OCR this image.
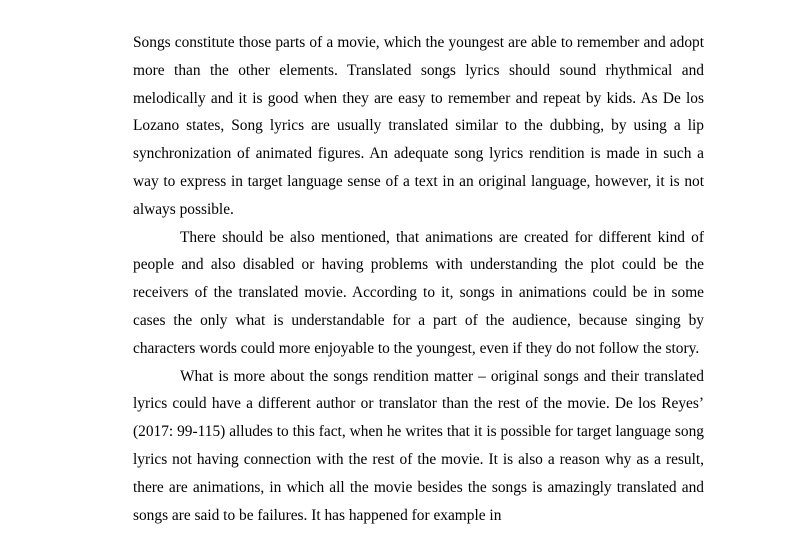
Songs constitute those parts of a movie, which the youngest are able to remember and adopt more than the other elements. Translated songs lyrics should sound rhythmical and melodically and it is good when they are easy to remember and repeat by kids. As De los Lozano states, Song lyrics are usually translated similar to the dubbing, by using a lip synchronization of animated figures. An adequate song lyrics rendition is made in such a way to express in target language sense of a text in an original language, however, it is not always possible.

There should be also mentioned, that animations are created for different kind of people and also disabled or having problems with understanding the plot could be the receivers of the translated movie. According to it, songs in animations could be in some cases the only what is understandable for a part of the audience, because singing by characters words could more enjoyable to the youngest, even if they do not follow the story.

What is more about the songs rendition matter – original songs and their translated lyrics could have a different author or translator than the rest of the movie. De los Reyes’ (2017: 99-115) alludes to this fact, when he writes that it is possible for target language song lyrics not having connection with the rest of the movie. It is also a reason why as a result, there are animations, in which all the movie besides the songs is amazingly translated and songs are said to be failures. It has happened for example in
